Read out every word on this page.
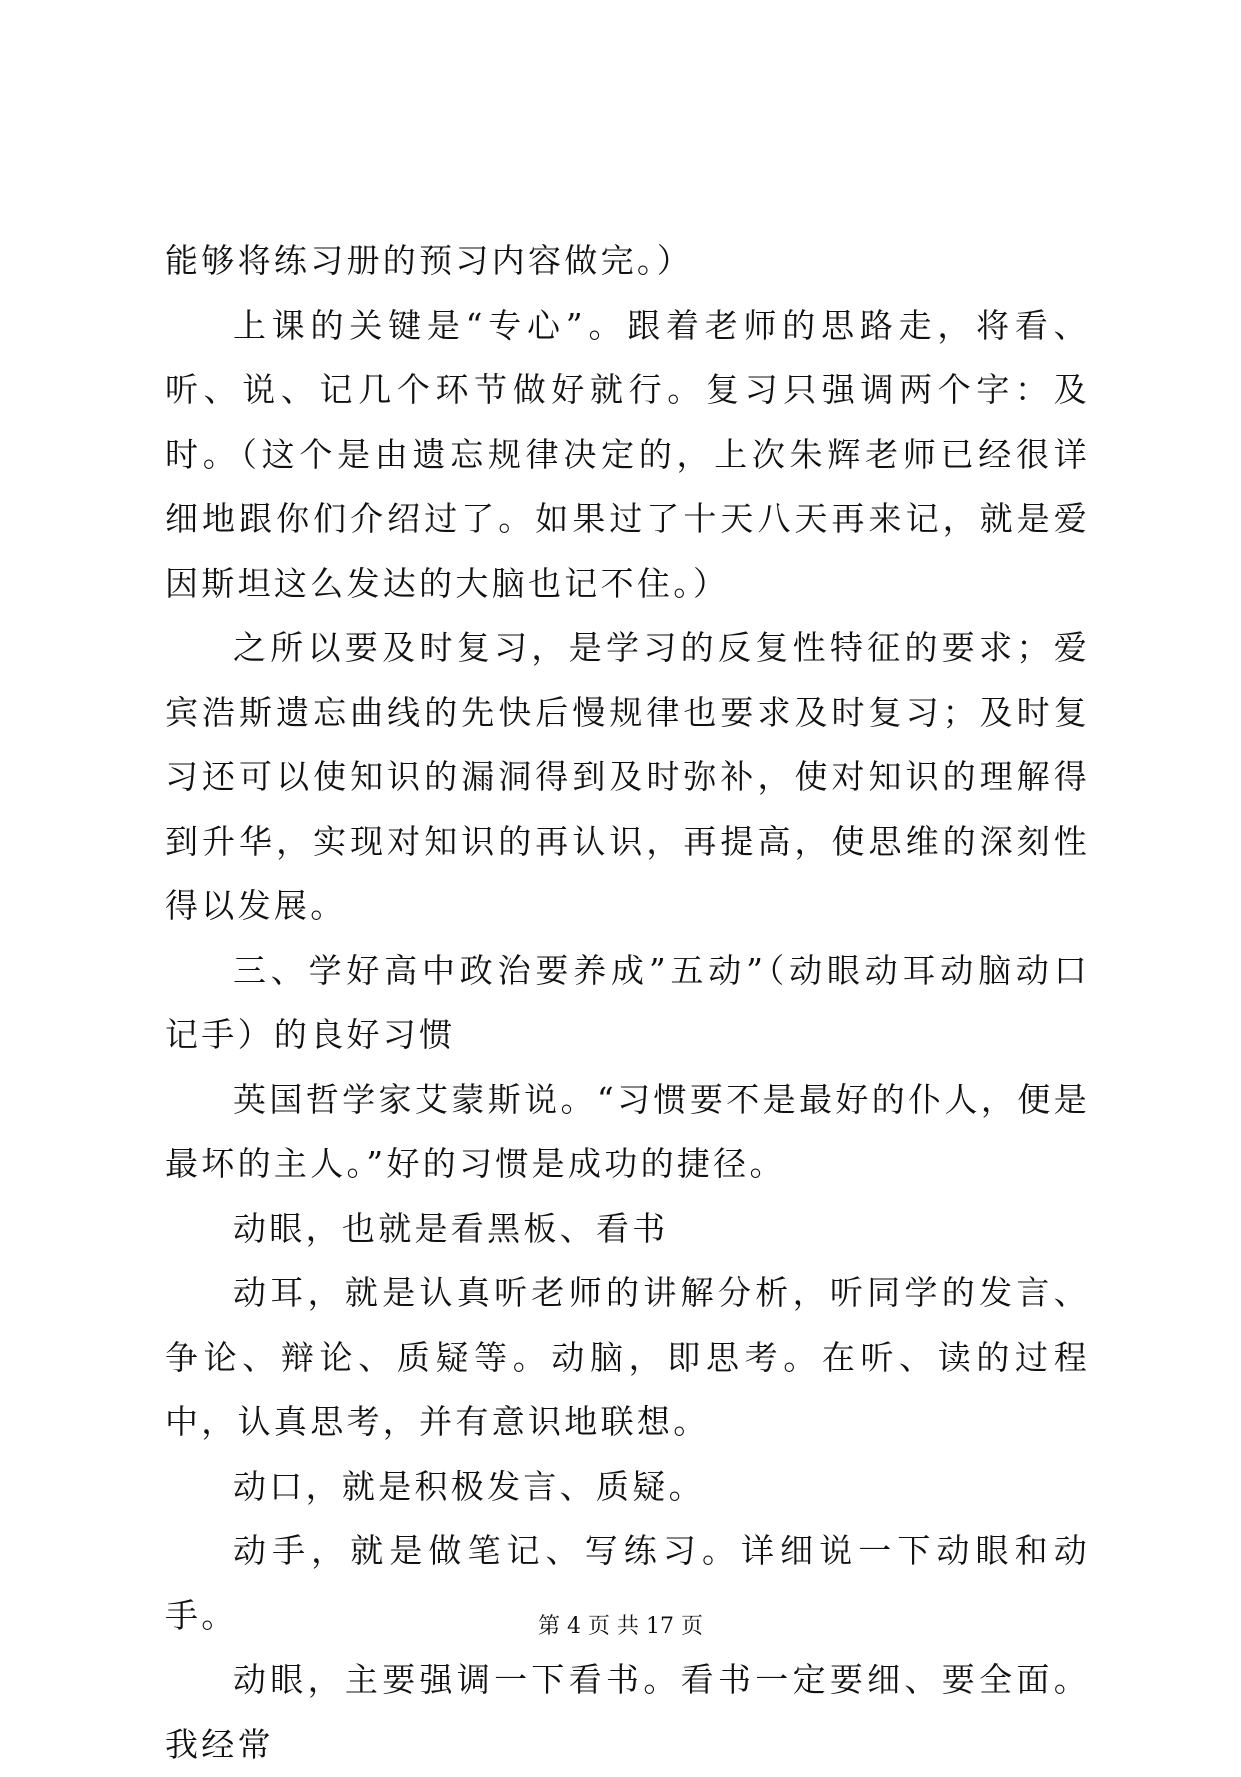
能够将练习册的预习内容做完。）

上课的关键是“专心”。跟着老师的思路走，将看、听、说、记几个环节做好就行。复习只强调两个字：及时。（这个是由遗忘规律决定的，上次朱辉老师已经很详细地跟你们介绍过了。如果过了十天八天再来记，就是爱因斯坦这么发达的大脑也记不住。）

之所以要及时复习，是学习的反复性特征的要求；爱宾浩斯遗忘曲线的先快后慢规律也要求及时复习；及时复习还可以使知识的漏洞得到及时弥补，使对知识的理解得到升华，实现对知识的再认识，再提高，使思维的深刻性得以发展。

三、学好高中政治要养成”五动”（动眼动耳动脑动口记手）的良好习惯

英国哲学家艾蒙斯说。“习惯要不是最好的仆人，便是最坏的主人。”好的习惯是成功的捷径。

动眼，也就是看黑板、看书

动耳，就是认真听老师的讲解分析，听同学的发言、争论、辩论、质疑等。动脑，即思考。在听、读的过程中，认真思考，并有意识地联想。

动口，就是积极发言、质疑。

动手，就是做笔记、写练习。详细说一下动眼和动手。

动眼，主要强调一下看书。看书一定要细、要全面。我经常

第 4 页 共 17 页
